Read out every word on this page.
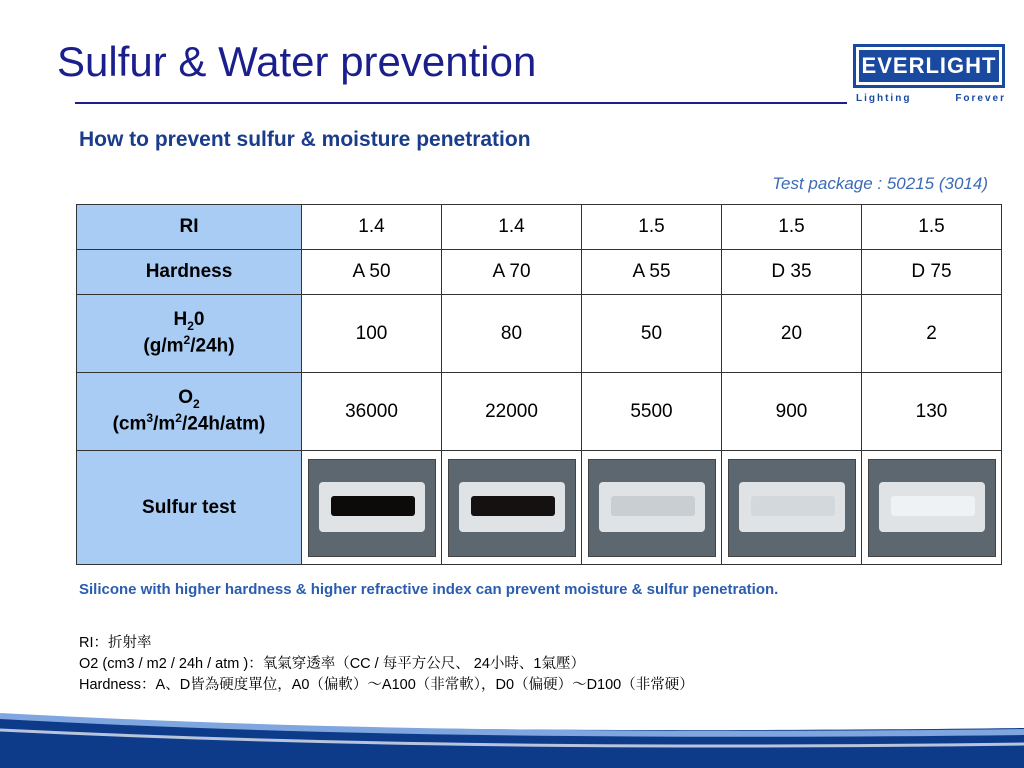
Sulfur & Water prevention	EVERLIGHT
Lighting	Forever
How to prevent sulfur & moisture penetration
Test package : 50215 (3014)
RI	1.4	1.4	1.5	1.5	1.5
Hardness	A 50	A 70	A 55	D 35	D 75

$H_20$
$(g/m^2/24h)$	100	80	50	20	2

$O_2$
$(cm^3/m^2/24h/atm)$	36000	22000	5500	900	130
Sulfur test	

Silicone with higher hardness & higher refractive index can prevent moisture & sulfur penetration.
RI：折射率
O2 (cm3 / m2 / 24h / atm )：氧氣穿透率（CC / 每平方公尺、 24小時、1氣壓）
Hardness：A、D皆為硬度單位，A0（偏軟）～A100（非常軟），D0（偏硬）～D100（非常硬）
